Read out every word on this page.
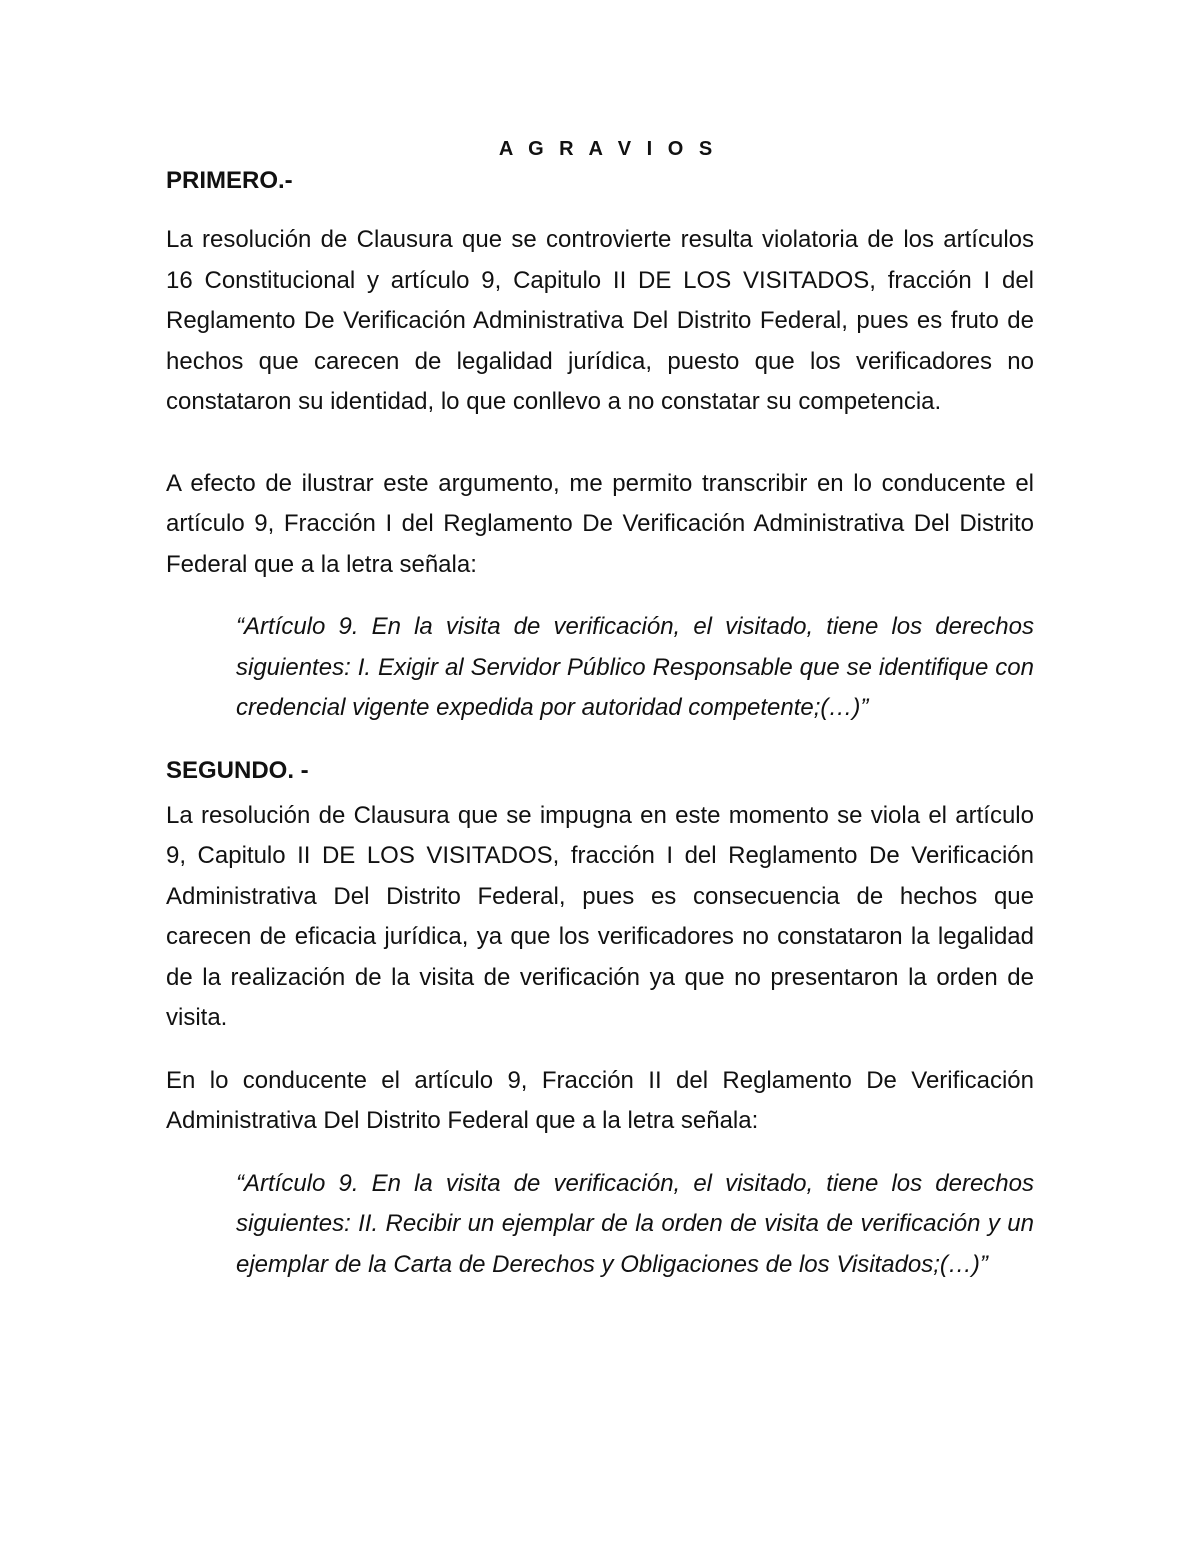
A G R A V I O S
PRIMERO.-

La resolución de Clausura que se controvierte resulta violatoria de los artículos 16 Constitucional y artículo 9, Capitulo II DE LOS VISITADOS, fracción I del Reglamento De Verificación Administrativa Del Distrito Federal, pues es fruto de hechos que carecen de legalidad jurídica, puesto que los verificadores no constataron su identidad, lo que conllevo a no constatar su competencia.

A efecto de ilustrar este argumento, me permito transcribir en lo conducente el artículo 9, Fracción I del Reglamento De Verificación Administrativa Del Distrito Federal que a la letra señala:

“Artículo 9. En la visita de verificación, el visitado, tiene los derechos siguientes: I. Exigir al Servidor Público Responsable que se identifique con credencial vigente expedida por autoridad competente;(…)”

SEGUNDO. -

La resolución de Clausura que se impugna en este momento se viola el artículo 9, Capitulo II DE LOS VISITADOS, fracción I del Reglamento De Verificación Administrativa Del Distrito Federal, pues es consecuencia de hechos que carecen de eficacia jurídica, ya que los verificadores no constataron la legalidad de la realización de la visita de verificación ya que no presentaron la orden de visita.

En lo conducente el artículo 9, Fracción II del Reglamento De Verificación Administrativa Del Distrito Federal que a la letra señala:

“Artículo 9. En la visita de verificación, el visitado, tiene los derechos siguientes: II. Recibir un ejemplar de la orden de visita de verificación y un ejemplar de la Carta de Derechos y Obligaciones de los Visitados;(…)”
